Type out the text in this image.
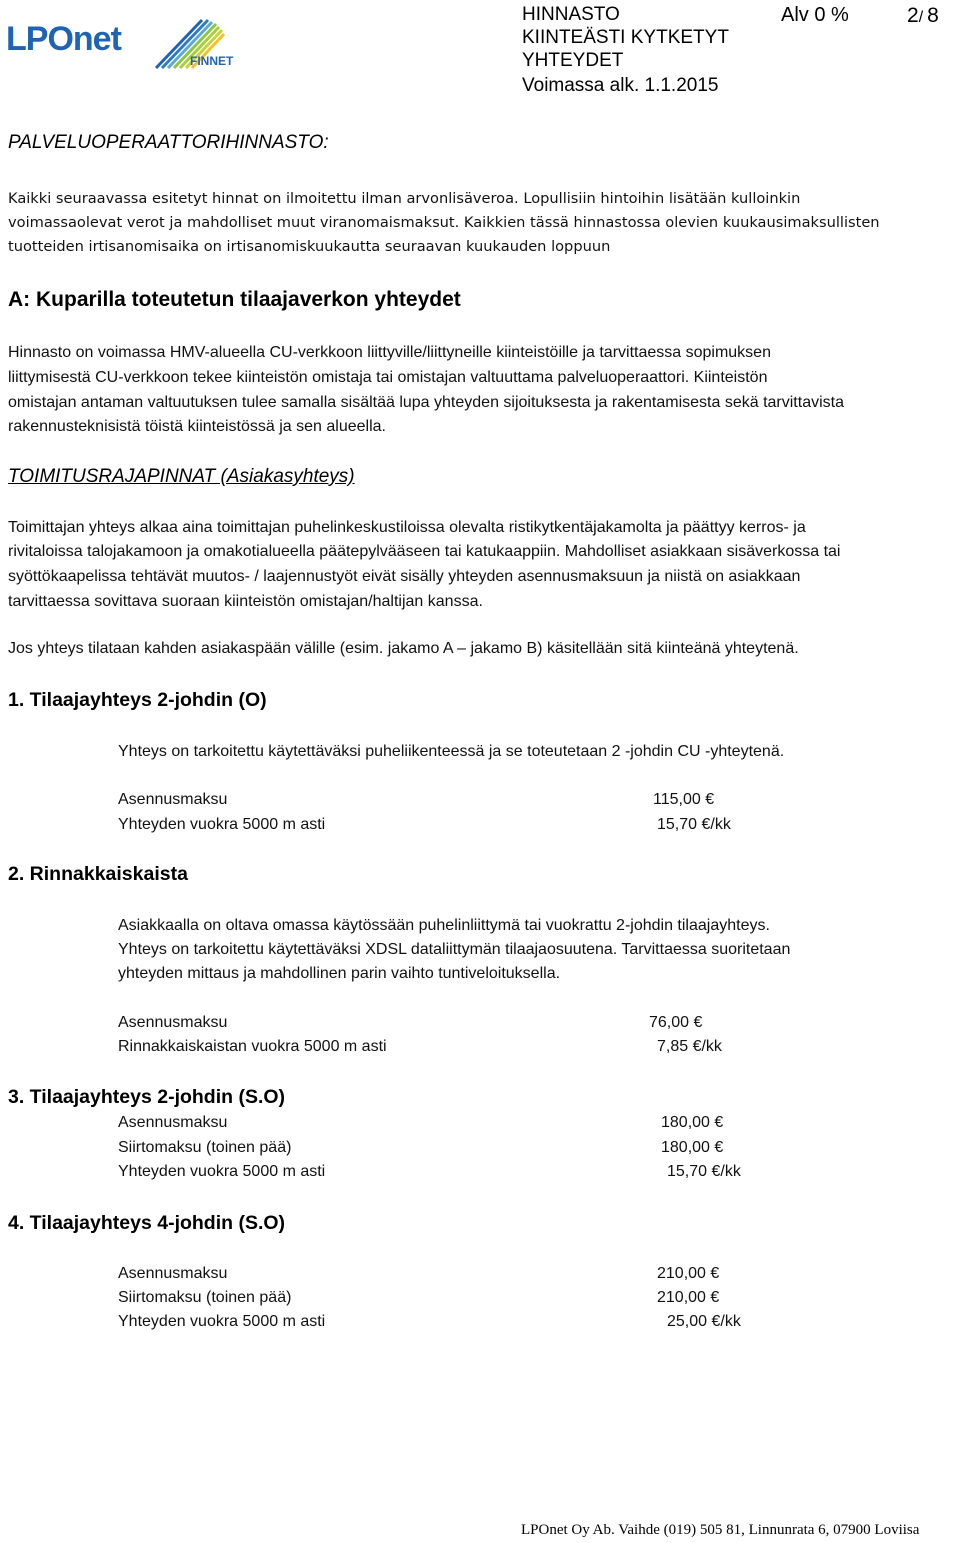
LPOnet
FINNET
HINNASTO
KIINTEÄSTI KYTKETYT
YHTEYDET
Voimassa alk. 1.1.2015
Alv 0 %	2/ 8
PALVELUOPERAATTORIHINNASTO:
Kaikki seuraavassa esitetyt hinnat on ilmoitettu ilman arvonlisäveroa. Lopullisiin hintoihin lisätään kulloinkin
voimassaolevat verot ja mahdolliset muut viranomaismaksut. Kaikkien tässä hinnastossa olevien kuukausimaksullisten
tuotteiden irtisanomisaika on irtisanomiskuukautta seuraavan kuukauden loppuun
A: Kuparilla toteutetun tilaajaverkon yhteydet
Hinnasto on voimassa HMV-alueella CU-verkkoon liittyville/liittyneille kiinteistöille ja tarvittaessa sopimuksen
liittymisestä CU-verkkoon tekee kiinteistön omistaja tai omistajan valtuuttama palveluoperaattori. Kiinteistön
omistajan antaman valtuutuksen tulee samalla sisältää lupa yhteyden sijoituksesta ja rakentamisesta sekä tarvittavista
rakennusteknisistä töistä kiinteistössä ja sen alueella.
TOIMITUSRAJAPINNAT (Asiakasyhteys)
Toimittajan yhteys alkaa aina toimittajan puhelinkeskustiloissa olevalta ristikytkentäjakamolta ja päättyy kerros- ja
rivitaloissa talojakamoon ja omakotialueella päätepylvääseen tai katukaappiin. Mahdolliset asiakkaan sisäverkossa tai
syöttökaapelissa tehtävät muutos- / laajennustyöt eivät sisälly yhteyden asennusmaksuun ja niistä on asiakkaan
tarvittaessa sovittava suoraan kiinteistön omistajan/haltijan kanssa.
Jos yhteys tilataan kahden asiakaspään välille (esim. jakamo A – jakamo B) käsitellään sitä kiinteänä yhteytenä.
1. Tilaajayhteys 2-johdin (O)
Yhteys on tarkoitettu käytettäväksi puheliikenteessä ja se toteutetaan 2 -johdin CU -yhteytenä.
Asennusmaksu	115,00 €
Yhteyden vuokra 5000 m asti	15,70 €/kk
2. Rinnakkaiskaista
Asiakkaalla on oltava omassa käytössään puhelinliittymä tai vuokrattu 2-johdin tilaajayhteys.
Yhteys on tarkoitettu käytettäväksi XDSL dataliittymän tilaajaosuutena. Tarvittaessa suoritetaan
yhteyden mittaus ja mahdollinen parin vaihto tuntiveloituksella.
Asennusmaksu	76,00 €
Rinnakkaiskaistan vuokra 5000 m asti	7,85 €/kk
3. Tilaajayhteys 2-johdin (S.O)
Asennusmaksu	180,00 €
Siirtomaksu (toinen pää)	180,00 €
Yhteyden vuokra 5000 m asti	15,70 €/kk
4. Tilaajayhteys 4-johdin (S.O)
Asennusmaksu	210,00 €
Siirtomaksu (toinen pää)	210,00 €
Yhteyden vuokra 5000 m asti	25,00 €/kk
LPOnet Oy Ab. Vaihde (019) 505 81, Linnunrata 6, 07900 Loviisa
